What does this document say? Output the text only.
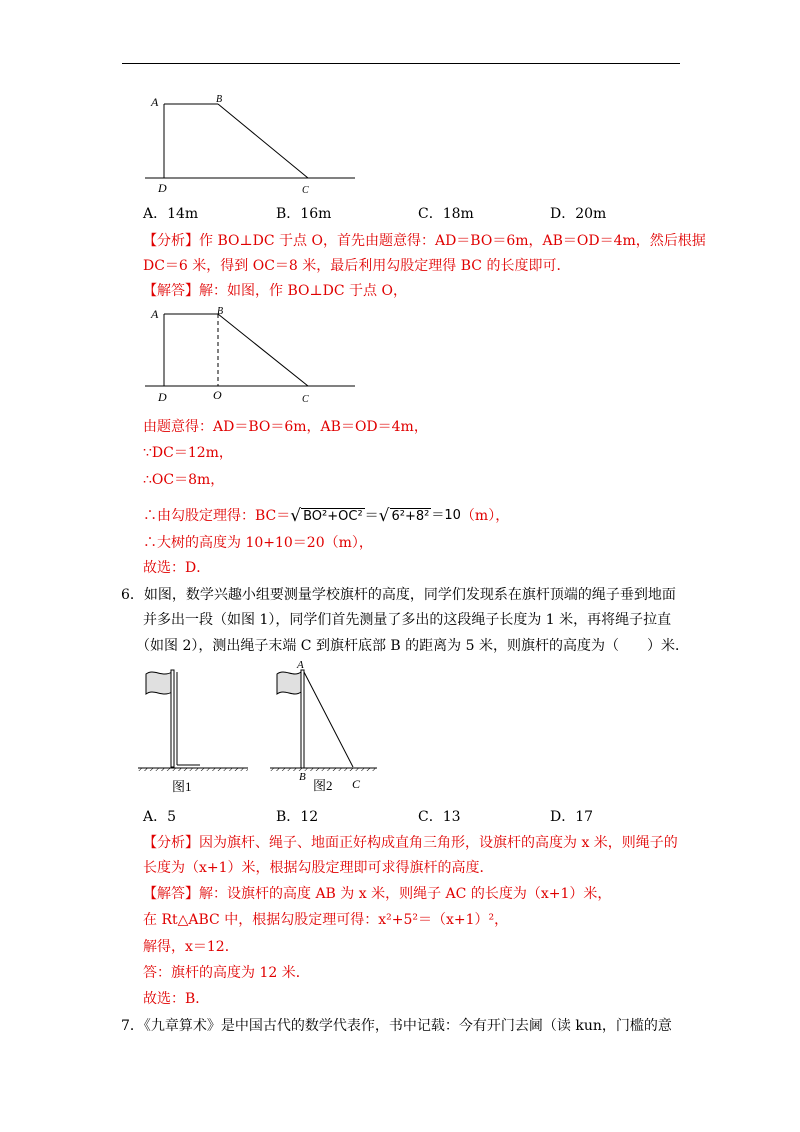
A	B
D	C
A．14m	B．16m	C．18m	D．20m
【分析】作 BO⊥DC 于点 O，首先由题意得：AD＝BO＝6m，AB＝OD＝4m，然后根据
DC＝6 米，得到 OC＝8 米，最后利用勾股定理得 BC 的长度即可．
【解答】解：如图，作 BO⊥DC 于点 O，
A	B
D	O	C
由题意得：AD＝BO＝6m，AB＝OD＝4m，
∵DC＝12m，
∴OC＝8m，
∴由勾股定理得：BC＝ √ BO²+OC² ＝ √ 6²+8² ＝10 （m），
∴大树的高度为 10+10＝20（m），
故选：D．
6．如图，数学兴趣小组要测量学校旗杆的高度，同学们发现系在旗杆顶端的绳子垂到地面
并多出一段（如图 1），同学们首先测量了多出的这段绳子长度为 1 米，再将绳子拉直
（如图 2），测出绳子末端 C 到旗杆底部 B 的距离为 5 米，则旗杆的高度为（　　）米．
图1
A
B	C
图2
A．5	B．12	C．13	D．17
【分析】因为旗杆、绳子、地面正好构成直角三角形，设旗杆的高度为 x 米，则绳子的
长度为（x+1）米，根据勾股定理即可求得旗杆的高度．
【解答】解：设旗杆的高度 AB 为 x 米，则绳子 AC 的长度为（x+1）米，
在 Rt△ABC 中，根据勾股定理可得：x²+5²＝（x+1）²，
解得，x＝12．
答：旗杆的高度为 12 米．
故选：B．
7．《九章算术》是中国古代的数学代表作，书中记载：今有开门去阃（读 kun，门槛的意
